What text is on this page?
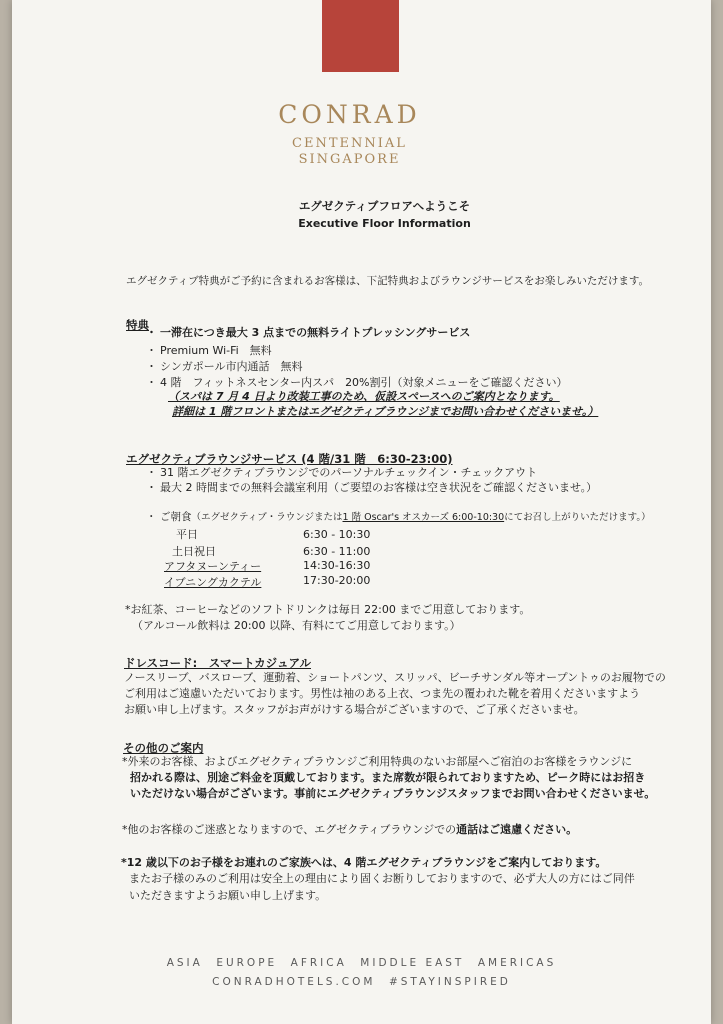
CONRAD
CENTENNIAL
SINGAPORE
エグゼクティブフロアへようこそ
Executive Floor Information
エグゼクティブ特典がご予約に含まれるお客様は、下記特典およびラウンジサービスをお楽しみいただけます。
特典
・ 一滞在につき最大 3 点までの無料ライトプレッシングサービス
・ Premium Wi-Fi　無料
・ シンガポール市内通話　無料
・ 4 階　フィットネスセンター内スパ　20%割引（対象メニューをご確認ください）
（スパは 7 月 4 日より改装工事のため、仮設スペースへのご案内となります。
詳細は 1 階フロントまたはエグゼクティブラウンジまでお問い合わせくださいませ。）
エグゼクティブラウンジサービス (4 階/31 階　6:30-23:00)
・ 31 階エグゼクティブラウンジでのパーソナルチェックイン・チェックアウト
・ 最大 2 時間までの無料会議室利用（ご要望のお客様は空き状況をご確認くださいませ。）
・ ご朝食（エグゼクティブ・ラウンジまたは1 階 Oscar's オスカーズ 6:00-10:30にてお召し上がりいただけます。）
平日	6:30 - 10:30
土日祝日	6:30 - 11:00
アフタヌーンティー	14:30-16:30
イブニングカクテル	17:30-20:00
*お紅茶、コーヒーなどのソフトドリンクは毎日 22:00 までご用意しております。
（アルコール飲料は 20:00 以降、有料にてご用意しております。）
ドレスコード:　スマートカジュアル
ノースリーブ、バスローブ、運動着、ショートパンツ、スリッパ、ビーチサンダル等オープントゥのお履物での
ご利用はご遠慮いただいております。男性は袖のある上衣、つま先の覆われた靴を着用くださいますよう
お願い申し上げます。スタッフがお声がけする場合がございますので、ご了承くださいませ。
その他のご案内
*外来のお客様、およびエグゼクティブラウンジご利用特典のないお部屋へご宿泊のお客様をラウンジに
招かれる際は、別途ご料金を頂戴しております。また席数が限られておりますため、ピーク時にはお招き
いただけない場合がございます。事前にエグゼクティブラウンジスタッフまでお問い合わせくださいませ。
*他のお客様のご迷惑となりますので、エグゼクティブラウンジでの通話はご遠慮ください。
*12 歳以下のお子様をお連れのご家族へは、4 階エグゼクティブラウンジをご案内しております。
またお子様のみのご利用は安全上の理由により固くお断りしておりますので、必ず大人の方にはご同伴
いただきますようお願い申し上げます。
ASIA　EUROPE　AFRICA　MIDDLE EAST　AMERICAS
CONRADHOTELS.COM　#STAYINSPIRED
